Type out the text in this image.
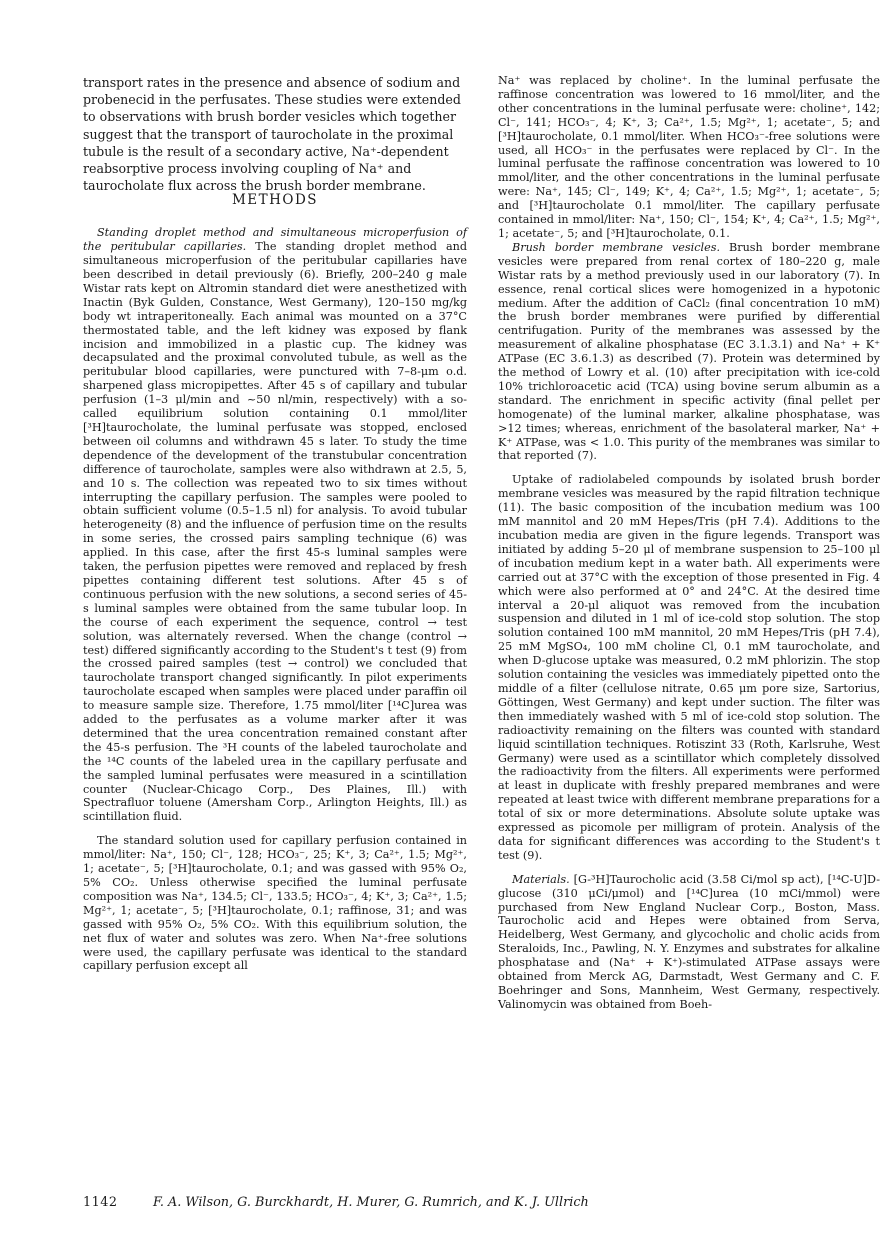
transport rates in the presence and absence of sodium and probenecid in the perfusates. These studies were extended to observations with brush border vesicles which together suggest that the transport of taurocholate in the proximal tubule is the result of a secondary active, Na⁺-dependent reabsorptive process involving coupling of Na⁺ and taurocholate flux across the brush border membrane.

METHODS

Standing droplet method and simultaneous microperfusion of the peritubular capillaries. The standing droplet method and simultaneous microperfusion of the peritubular capillaries have been described in detail previously (6). Briefly, 200–240 g male Wistar rats kept on Altromin standard diet were anesthetized with Inactin (Byk Gulden, Constance, West Germany), 120–150 mg/kg body wt intraperitoneally. Each animal was mounted on a 37°C thermostated table, and the left kidney was exposed by flank incision and immobilized in a plastic cup. The kidney was decapsulated and the proximal convoluted tubule, as well as the peritubular blood capillaries, were punctured with 7–8-μm o.d. sharpened glass micropipettes. After 45 s of capillary and tubular perfusion (1–3 μl/min and ~50 nl/min, respectively) with a so-called equilibrium solution containing 0.1 mmol/liter [³H]taurocholate, the luminal perfusate was stopped, enclosed between oil columns and withdrawn 45 s later. To study the time dependence of the development of the transtubular concentration difference of taurocholate, samples were also withdrawn at 2.5, 5, and 10 s. The collection was repeated two to six times without interrupting the capillary perfusion. The samples were pooled to obtain sufficient volume (0.5–1.5 nl) for analysis. To avoid tubular heterogeneity (8) and the influence of perfusion time on the results in some series, the crossed pairs sampling technique (6) was applied. In this case, after the first 45-s luminal samples were taken, the perfusion pipettes were removed and replaced by fresh pipettes containing different test solutions. After 45 s of continuous perfusion with the new solutions, a second series of 45-s luminal samples were obtained from the same tubular loop. In the course of each experiment the sequence, control → test solution, was alternately reversed. When the change (control → test) differed significantly according to the Student's t test (9) from the crossed paired samples (test → control) we concluded that taurocholate transport changed significantly. In pilot experiments taurocholate escaped when samples were placed under paraffin oil to measure sample size. Therefore, 1.75 mmol/liter [¹⁴C]urea was added to the perfusates as a volume marker after it was determined that the urea concentration remained constant after the 45-s perfusion. The ³H counts of the labeled taurocholate and the ¹⁴C counts of the labeled urea in the capillary perfusate and the sampled luminal perfusates were measured in a scintillation counter (Nuclear-Chicago Corp., Des Plaines, Ill.) with Spectrafluor toluene (Amersham Corp., Arlington Heights, Ill.) as scintillation fluid.

The standard solution used for capillary perfusion contained in mmol/liter: Na⁺, 150; Cl⁻, 128; HCO₃⁻, 25; K⁺, 3; Ca²⁺, 1.5; Mg²⁺, 1; acetate⁻, 5; [³H]taurocholate, 0.1; and was gassed with 95% O₂, 5% CO₂. Unless otherwise specified the luminal perfusate composition was Na⁺, 134.5; Cl⁻, 133.5; HCO₃⁻, 4; K⁺, 3; Ca²⁺, 1.5; Mg²⁺, 1; acetate⁻, 5; [³H]taurocholate, 0.1; raffinose, 31; and was gassed with 95% O₂, 5% CO₂. With this equilibrium solution, the net flux of water and solutes was zero. When Na⁺-free solutions were used, the capillary perfusate was identical to the standard capillary perfusion except all

Na⁺ was replaced by choline⁺. In the luminal perfusate the raffinose concentration was lowered to 16 mmol/liter, and the other concentrations in the luminal perfusate were: choline⁺, 142; Cl⁻, 141; HCO₃⁻, 4; K⁺, 3; Ca²⁺, 1.5; Mg²⁺, 1; acetate⁻, 5; and [³H]taurocholate, 0.1 mmol/liter. When HCO₃⁻-free solutions were used, all HCO₃⁻ in the perfusates were replaced by Cl⁻. In the luminal perfusate the raffinose concentration was lowered to 10 mmol/liter, and the other concentrations in the luminal perfusate were: Na⁺, 145; Cl⁻, 149; K⁺, 4; Ca²⁺, 1.5; Mg²⁺, 1; acetate⁻, 5; and [³H]taurocholate 0.1 mmol/liter. The capillary perfusate contained in mmol/liter: Na⁺, 150; Cl⁻, 154; K⁺, 4; Ca²⁺, 1.5; Mg²⁺, 1; acetate⁻, 5; and [³H]taurocholate, 0.1.

Brush border membrane vesicles. Brush border membrane vesicles were prepared from renal cortex of 180–220 g, male Wistar rats by a method previously used in our laboratory (7). In essence, renal cortical slices were homogenized in a hypotonic medium. After the addition of CaCl₂ (final concentration 10 mM) the brush border membranes were purified by differential centrifugation. Purity of the membranes was assessed by the measurement of alkaline phosphatase (EC 3.1.3.1) and Na⁺ + K⁺ ATPase (EC 3.6.1.3) as described (7). Protein was determined by the method of Lowry et al. (10) after precipitation with ice-cold 10% trichloroacetic acid (TCA) using bovine serum albumin as a standard. The enrichment in specific activity (final pellet per homogenate) of the luminal marker, alkaline phosphatase, was >12 times; whereas, enrichment of the basolateral marker, Na⁺ + K⁺ ATPase, was < 1.0. This purity of the membranes was similar to that reported (7).

Uptake of radiolabeled compounds by isolated brush border membrane vesicles was measured by the rapid filtration technique (11). The basic composition of the incubation medium was 100 mM mannitol and 20 mM Hepes/Tris (pH 7.4). Additions to the incubation media are given in the figure legends. Transport was initiated by adding 5–20 μl of membrane suspension to 25–100 μl of incubation medium kept in a water bath. All experiments were carried out at 37°C with the exception of those presented in Fig. 4 which were also performed at 0° and 24°C. At the desired time interval a 20-μl aliquot was removed from the incubation suspension and diluted in 1 ml of ice-cold stop solution. The stop solution contained 100 mM mannitol, 20 mM Hepes/Tris (pH 7.4), 25 mM MgSO₄, 100 mM choline Cl, 0.1 mM taurocholate, and when D-glucose uptake was measured, 0.2 mM phlorizin. The stop solution containing the vesicles was immediately pipetted onto the middle of a filter (cellulose nitrate, 0.65 μm pore size, Sartorius, Göttingen, West Germany) and kept under suction. The filter was then immediately washed with 5 ml of ice-cold stop solution. The radioactivity remaining on the filters was counted with standard liquid scintillation techniques. Rotiszint 33 (Roth, Karlsruhe, West Germany) were used as a scintillator which completely dissolved the radioactivity from the filters. All experiments were performed at least in duplicate with freshly prepared membranes and were repeated at least twice with different membrane preparations for a total of six or more determinations. Absolute solute uptake was expressed as picomole per milligram of protein. Analysis of the data for significant differences was according to the Student's t test (9).

Materials. [G-³H]Taurocholic acid (3.58 Ci/mol sp act), [¹⁴C-U]D-glucose (310 μCi/μmol) and [¹⁴C]urea (10 mCi/mmol) were purchased from New England Nuclear Corp., Boston, Mass. Taurocholic acid and Hepes were obtained from Serva, Heidelberg, West Germany, and glycocholic and cholic acids from Steraloids, Inc., Pawling, N. Y. Enzymes and substrates for alkaline phosphatase and (Na⁺ + K⁺)-stimulated ATPase assays were obtained from Merck AG, Darmstadt, West Germany and C. F. Boehringer and Sons, Mannheim, West Germany, respectively. Valinomycin was obtained from Boeh-

1142	F. A. Wilson, G. Burckhardt, H. Murer, G. Rumrich, and K. J. Ullrich
